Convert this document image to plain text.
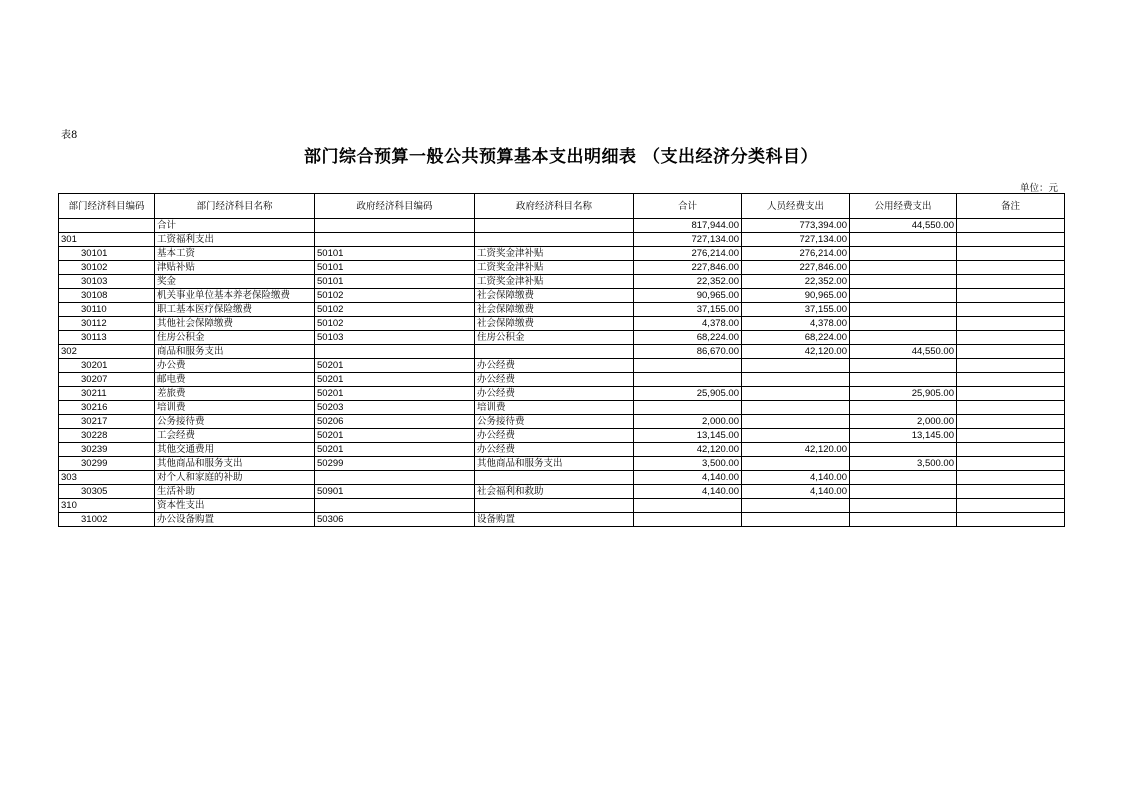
表8
部门综合预算一般公共预算基本支出明细表 （支出经济分类科目）
单位：元
部门经济科目编码	部门经济科目名称	政府经济科目编码	政府经济科目名称	合计	人员经费支出	公用经费支出	备注
	合计			817,944.00	773,394.00	44,550.00	
301	工资福利支出			727,134.00	727,134.00		
30101	基本工资	50101	工资奖金津补贴	276,214.00	276,214.00		
30102	津贴补贴	50101	工资奖金津补贴	227,846.00	227,846.00		
30103	奖金	50101	工资奖金津补贴	22,352.00	22,352.00		
30108	机关事业单位基本养老保险缴费	50102	社会保障缴费	90,965.00	90,965.00		
30110	职工基本医疗保险缴费	50102	社会保障缴费	37,155.00	37,155.00		
30112	其他社会保障缴费	50102	社会保障缴费	4,378.00	4,378.00		
30113	住房公积金	50103	住房公积金	68,224.00	68,224.00		
302	商品和服务支出			86,670.00	42,120.00	44,550.00	
30201	办公费	50201	办公经费				
30207	邮电费	50201	办公经费				
30211	差旅费	50201	办公经费	25,905.00		25,905.00	
30216	培训费	50203	培训费				
30217	公务接待费	50206	公务接待费	2,000.00		2,000.00	
30228	工会经费	50201	办公经费	13,145.00		13,145.00	
30239	其他交通费用	50201	办公经费	42,120.00	42,120.00		
30299	其他商品和服务支出	50299	其他商品和服务支出	3,500.00		3,500.00	
303	对个人和家庭的补助			4,140.00	4,140.00		
30305	生活补助	50901	社会福利和救助	4,140.00	4,140.00		
310	资本性支出						
31002	办公设备购置	50306	设备购置				
